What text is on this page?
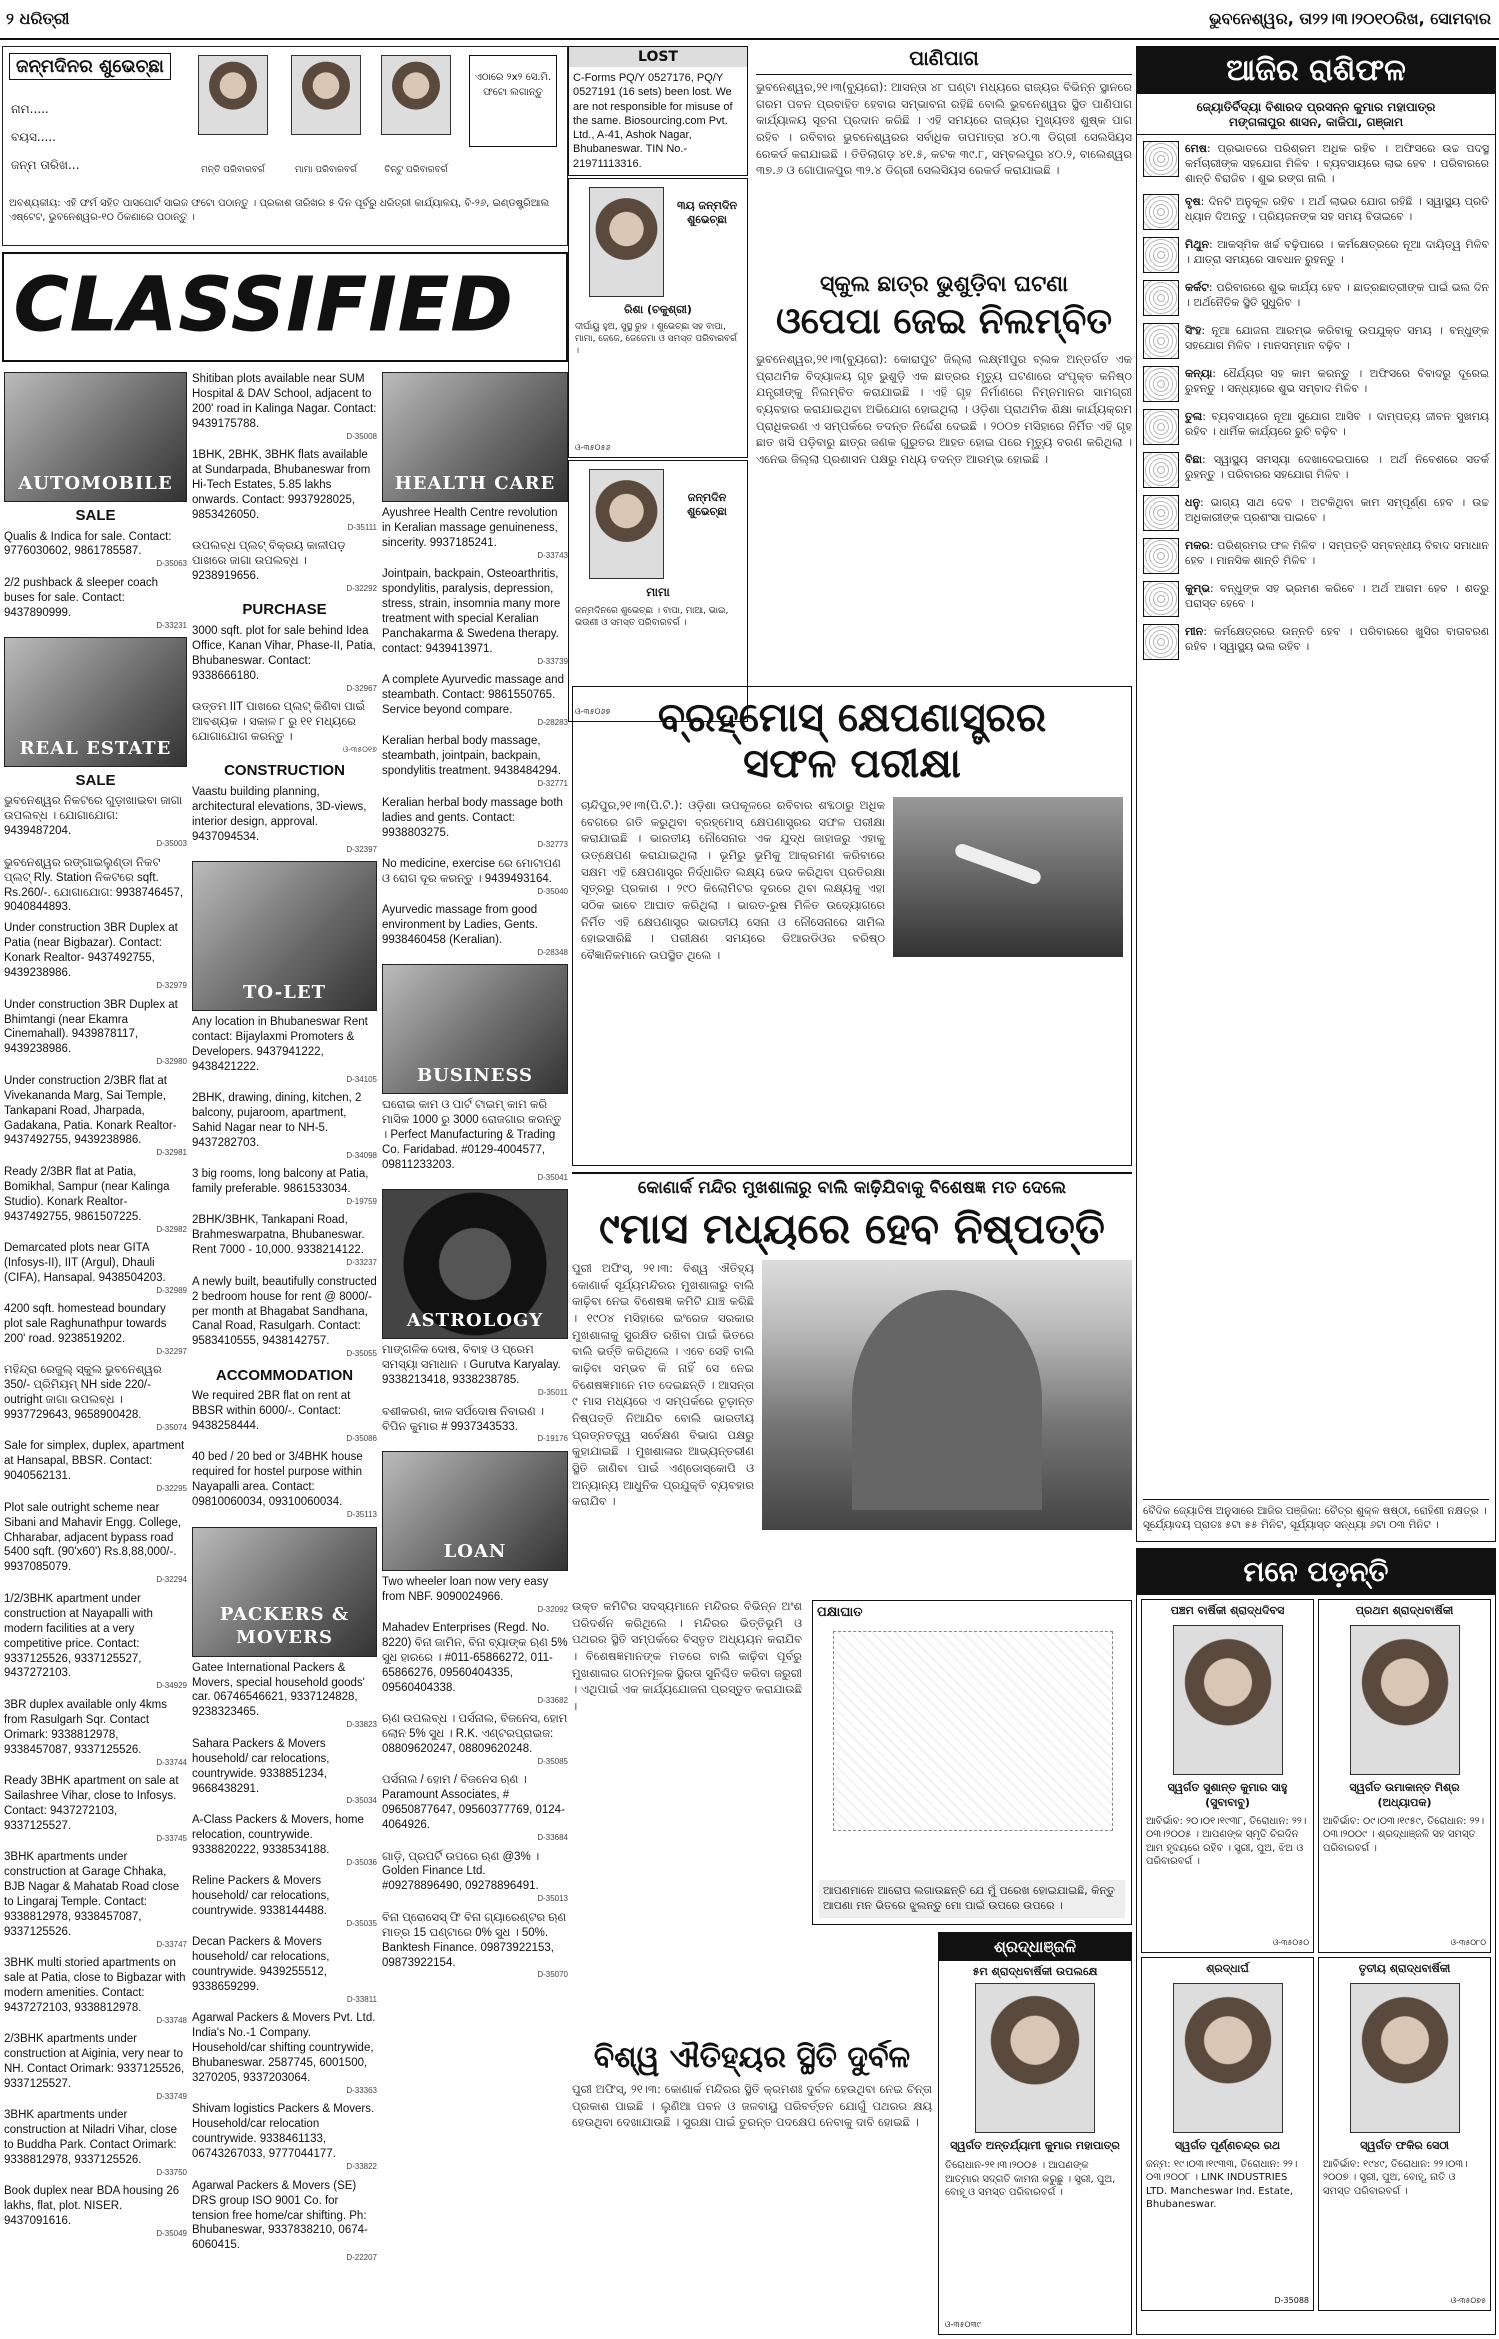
୨ ଧରିତ୍ରୀ	ଭୁବନେଶ୍ୱର, ତା୨୨।୩।୨୦୧୦ରିଖ, ସୋମବାର
ଜନ୍ମଦିନର ଶୁଭେଚ୍ଛା
ନାମ.....
ବୟସ.....
ଜନ୍ମ ତାରିଖ...	ମନ୍ତି ପରିବାରବର୍ଗ	ମାମା ପରିବାରବର୍ଗ	ଚିନ୍ଟୁ ପରିବାରବର୍ଗ
ଏଠାରେ ୨x୨ ସେ.ମି. ଫଟୋ ଲଗାନ୍ତୁ
ଅବଶ୍ୟକୀୟ: ଏହି ଫର୍ମ ସହିତ ପାସପୋର୍ଟ ସାଇଜ ଫଟୋ ପଠାନ୍ତୁ । ପ୍ରକାଶ ତାରିଖର ୫ ଦିନ ପୂର୍ବରୁ ଧରିତ୍ରୀ କାର୍ଯ୍ୟାଳୟ, ବି-୨୬, ଇଣ୍ଡଷ୍ଟ୍ରିଆଲ ଏଷ୍ଟେଟ, ଭୁବନେଶ୍ୱର-୧୦ ଠିକଣାରେ ପଠାନ୍ତୁ ।
CLASSIFIED
AUTOMOBILE
SALE

Qualis & Indica for sale. Contact: 9776030602, 9861785587.
D-35063

2/2 pushback & sleeper coach buses for sale. Contact: 9437890999.
D-33231

REAL ESTATE
SALE

ଭୁବନେଶ୍ୱର ନିକଟରେ ଗୁଡ଼ାଖାଇବା ଜାଗା ଉପଲବ୍ଧ । ଯୋଗାଯୋଗ: 9439487204.
D-35003

ଭୁବନେଶ୍ୱର ରଙ୍ଗାଇଲୁଣ୍ଡା ନିକଟ ପ୍ଲଟ୍ Rly. Station ନିକଟରେ sqft. Rs.260/-. ଯୋଗାଯୋଗ: 9938746457, 9040844893.

Under construction 3BR Duplex at Patia (near Bigbazar). Contact: Konark Realtor- 9437492755, 9439238986.
D-32979

Under construction 3BR Duplex at Bhimtangi (near Ekamra Cinemahall). 9439878117, 9439238986.
D-32980

Under construction 2/3BR flat at Vivekananda Marg, Sai Temple, Tankapani Road, Jharpada, Gadakana, Patia. Konark Realtor- 9437492755, 9439238986.
D-32981

Ready 2/3BR flat at Patia, Bomikhal, Sampur (near Kalinga Studio). Konark Realtor- 9437492755, 9861507225.
D-32982

Demarcated plots near GITA (Infosys-II), IIT (Argul), Dhauli (CIFA), Hansapal. 9438504203.
D-32989

4200 sqft. homestead boundary plot sale Raghunathpur towards 200' road. 9238519202.
D-32297

ମହିନ୍ଦ୍ରା ରେଜୁଲ୍ ସ୍କୁଲ ଭୁବନେଶ୍ୱର 350/- ପ୍ରିମିୟମ୍ NH side 220/- outright ଜାଗା ଉପଲବ୍ଧ । 9937729643, 9658900428.
D-35074

Sale for simplex, duplex, apartment at Hansapal, BBSR. Contact: 9040562131.
D-32295

Plot sale outright scheme near Sibani and Mahavir Engg. College, Chharabar, adjacent bypass road 5400 sqft. (90'x60') Rs.8,88,000/-. 9937085079.
D-32294

1/2/3BHK apartment under construction at Nayapalli with modern facilities at a very competitive price. Contact: 9337125526, 9337125527, 9437272103.
D-34929

3BR duplex available only 4kms from Rasulgarh Sqr. Contact Orimark: 9338812978, 9338457087, 9337125526.
D-33744

Ready 3BHK apartment on sale at Sailashree Vihar, close to Infosys. Contact: 9437272103, 9337125527.
D-33745

3BHK apartments under construction at Garage Chhaka, BJB Nagar & Mahatab Road close to Lingaraj Temple. Contact: 9338812978, 9338457087, 9337125526.
D-33747

3BHK multi storied apartments on sale at Patia, close to Bigbazar with modern amenities. Contact: 9437272103, 9338812978.
D-33748

2/3BHK apartments under construction at Aiginia, very near to NH. Contact Orimark: 9337125526, 9337125527.
D-33749

3BHK apartments under construction at Niladri Vihar, close to Buddha Park. Contact Orimark: 9338812978, 9337125526.
D-33750

Book duplex near BDA housing 26 lakhs, flat, plot. NISER. 9437091616.
D-35049

Shitiban plots available near SUM Hospital & DAV School, adjacent to 200' road in Kalinga Nagar. Contact: 9439175788.
D-35008

1BHK, 2BHK, 3BHK flats available at Sundarpada, Bhubaneswar from Hi-Tech Estates, 5.85 lakhs onwards. Contact: 9937928025, 9853426050.
D-35111

ଉପଲବ୍ଧ ପ୍ଲଟ୍ ବିକ୍ରୟ କାଳୀପଡ଼ ପାଖରେ ଜାଗା ଉପଲବ୍ଧ । 9238919656.
D-32292

PURCHASE

3000 sqft. plot for sale behind Idea Office, Kanan Vihar, Phase-II, Patia, Bhubaneswar. Contact: 9338666180.
D-32967

ଉତ୍ତମ IIT ପାଖରେ ପ୍ଲଟ୍ କିଣିବା ପାଇଁ ଆବଶ୍ୟକ । ସକାଳ ୮ ରୁ ୧୧ ମଧ୍ୟରେ ଯୋଗାଯୋଗ କରନ୍ତୁ ।
ଓ-୩୫୦୧୭

CONSTRUCTION

Vaastu building planning, architectural elevations, 3D-views, interior design, approval. 9437094534.
D-32397

TO-LET

Any location in Bhubaneswar Rent contact: Bijaylaxmi Promoters & Developers. 9437941222, 9438421222.
D-34105

2BHK, drawing, dining, kitchen, 2 balcony, pujaroom, apartment, Sahid Nagar near to NH-5. 9437282703.
D-34098

3 big rooms, long balcony at Patia, family preferable. 9861533034.
D-19759

2BHK/3BHK, Tankapani Road, Brahmeswarpatna, Bhubaneswar. Rent 7000 - 10,000. 9338214122.
D-33237

A newly built, beautifully constructed 2 bedroom house for rent @ 8000/- per month at Bhagabat Sandhana, Canal Road, Rasulgarh. Contact: 9583410555, 9438142757.
D-35055

ACCOMMODATION

We required 2BR flat on rent at BBSR within 6000/-. Contact: 9438258444.
D-35086

40 bed / 20 bed or 3/4BHK house required for hostel purpose within Nayapalli area. Contact: 09810060034, 09310060034.
D-35113

PACKERS & MOVERS

Gatee International Packers & Movers, special household goods' car. 06746546621, 9337124828, 9238323465.
D-33823

Sahara Packers & Movers household/ car relocations, countrywide. 9338851234, 9668438291.
D-35034

A-Class Packers & Movers, home relocation, countrywide. 9338820222, 9338534188.
D-35036

Reline Packers & Movers household/ car relocations, countrywide. 9338144488.
D-35035

Decan Packers & Movers household/ car relocations, countrywide. 9439255512, 9338659299.
D-33811

Agarwal Packers & Movers Pvt. Ltd. India's No.-1 Company. Household/car shifting countrywide, Bhubaneswar. 2587745, 6001500, 3270205, 9337203064.
D-33363

Shivam logistics Packers & Movers. Household/car relocation countrywide. 9338461133, 06743267033, 9777044177.
D-33822

Agarwal Packers & Movers (SE) DRS group ISO 9001 Co. for tension free home/car shifting. Ph: Bhubaneswar, 9337838210, 0674-6060415.
D-22207

HEALTH CARE

Ayushree Health Centre revolution in Keralian massage genuineness, sincerity. 9937185241.
D-33743

Jointpain, backpain, Osteoarthritis, spondylitis, paralysis, depression, stress, strain, insomnia many more treatment with special Keralian Panchakarma & Swedena therapy. contact: 9439413971.
D-33739

A complete Ayurvedic massage and steambath. Contact: 9861550765. Service beyond compare.
D-28283

Keralian herbal body massage, steambath, jointpain, backpain, spondylitis treatment. 9438484294.
D-32771

Keralian herbal body massage both ladies and gents. Contact: 9938803275.
D-32773

No medicine, exercise ରେ ମୋଟାପଣ ଓ ରୋଗ ଦୂର କରନ୍ତୁ । 9439493164.
D-35040

Ayurvedic massage from good environment by Ladies, Gents. 9938460458 (Keralian).
D-28348

BUSINESS

ଘରୋଇ କାମ ଓ ପାର୍ଟ ଟାଇମ୍ କାମ କରି ମାସିକ 1000 ରୁ 3000 ରୋଜଗାର କରନ୍ତୁ । Perfect Manufacturing & Trading Co. Faridabad. #0129-4004577, 09811233203.
D-35041

ASTROLOGY

ମାଙ୍ଗଳିକ ଦୋଷ, ବିବାହ ଓ ପ୍ରେମ ସମସ୍ୟା ସମାଧାନ । Gurutva Karyalay. 9338213418, 9338238785.
D-35011

ବଶୀକରଣ, କାଳ ସର୍ପଦୋଷ ନିବାରଣ । ବିପିନ କୁମାର # 9937343533.
D-19176

LOAN

Two wheeler loan now very easy from NBF. 9090024966.
D-32092

Mahadev Enterprises (Regd. No. 8220) ବିନା ଜାମିନ, ବିନା ବ୍ୟାଙ୍କ ଋଣ 5% ସୁଧ ହାରରେ । #011-65866272, 011-65866276, 09560404335, 09560404338.
D-33682

ଋଣ ଉପଲବ୍ଧ । ପର୍ସନାଲ, ବିଜନେସ, ହୋମ ଲୋନ 5% ସୁଧ । R.K. ଏଣ୍ଟରପ୍ରାଇଜ: 08809620247, 08809620248.
D-35085

ପର୍ସନାଲ / ହୋମ / ବିଜନେସ ଋଣ । Paramount Associates, # 09650877647, 09560377769, 0124-4064926.
D-33684

ଗାଡ଼ି, ପ୍ରପର୍ଟି ଉପରେ ଋଣ @3% । Golden Finance Ltd. #09278896490, 09278896491.
D-35013

ବିନା ପ୍ରୋସେସ୍ ଫି ବିନା ଗ୍ୟାରେଣ୍ଟର ଋଣ ମାତ୍ର 15 ଘଣ୍ଟାରେ 0% ସୁଧ । 50%. Banktesh Finance. 09873922153, 09873922154.
D-35070

LOST
C-Forms PQ/Y 0527176, PQ/Y 0527191 (16 sets) been lost. We are not responsible for misuse of the same. Biosourcing.com Pvt. Ltd., A-41, Ashok Nagar, Bhubaneswar. TIN No.- 21971113316.
୩ୟ ଜନ୍ମଦିନ ଶୁଭେଚ୍ଛା
ରିଶା (ଚକୁଶ୍ରୀ)
ଦୀର୍ଘାୟୁ ହୁଅ, ସୁସ୍ଥ ରୁହ । ଶୁଭେଚ୍ଛା ସହ ବାପା, ମାମା, ଜେଜେ, ଜେଜେମା ଓ ସମସ୍ତ ପରିବାରବର୍ଗ ।
ଓ-୩୫୦୫୬
ଜନ୍ମଦିନ ଶୁଭେଚ୍ଛା
ମାମା
ଜନ୍ମଦିନରେ ଶୁଭେଚ୍ଛା । ବାପା, ମାଆ, ଭାଇ, ଭଉଣୀ ଓ ସମସ୍ତ ପରିବାରବର୍ଗ ।
ଓ-୩୫୦୬୭
ପାଣିପାଗ
ଭୁବନେଶ୍ୱର,୨୧।୩(ବ୍ୟୁରୋ): ଆସନ୍ତା ୪୮ ଘଣ୍ଟା ମଧ୍ୟରେ ରାଜ୍ୟର ବିଭିନ୍ନ ସ୍ଥାନରେ ଗରମ ପବନ ପ୍ରବାହିତ ହେବାର ସମ୍ଭାବନା ରହିଛି ବୋଲି ଭୁବନେଶ୍ୱର ସ୍ଥିତ ପାଣିପାଗ କାର୍ଯ୍ୟାଳୟ ସୂଚନା ପ୍ରଦାନ କରିଛି । ଏହି ସମୟରେ ରାଜ୍ୟର ମୁଖ୍ୟତଃ ଶୁଷ୍କ ପାଗ ରହିବ । ରବିବାର ଭୁବନେଶ୍ୱରର ସର୍ବାଧିକ ତାପମାତ୍ରା ୪୦.୩ ଡିଗ୍ରୀ ସେଲସିୟସ ରେକର୍ଡ କରାଯାଇଛି । ତିତିଲାଗଡ଼ ୪୧.୫, କଟକ ୩୯.୮, ସମ୍ବଲପୁର ୪୦.୨, ବାଲେଶ୍ୱର ୩୭.୬ ଓ ଗୋପାଳପୁର ୩୨.୪ ଡିଗ୍ରୀ ସେଲସିୟସ ରେକର୍ଡ କରାଯାଇଛି ।
ସ୍କୁଲ ଛାତ୍ର ଭୁଶୁଡ଼ିବା ଘଟଣା
ଓପେପା ଜେଇ ନିଲମ୍ବିତ
ଭୁବନେଶ୍ୱର,୨୧।୩(ବ୍ୟୁରୋ): କୋରାପୁଟ ଜିଲ୍ଲା ଲକ୍ଷ୍ମୀପୁର ବ୍ଲକ ଅନ୍ତର୍ଗତ ଏକ ପ୍ରାଥମିକ ବିଦ୍ୟାଳୟ ଗୃହ ଭୁଶୁଡ଼ି ଏକ ଛାତ୍ରର ମୃତ୍ୟୁ ଘଟଣାରେ ସଂପୃକ୍ତ କନିଷ୍ଠ ଯନ୍ତ୍ରୀଙ୍କୁ ନିଲମ୍ବିତ କରାଯାଇଛି । ଏହି ଗୃହ ନିର୍ମାଣରେ ନିମ୍ନମାନର ସାମଗ୍ରୀ ବ୍ୟବହାର କରାଯାଇଥିବା ଅଭିଯୋଗ ହୋଇଥିଲା । ଓଡ଼ିଶା ପ୍ରାଥମିକ ଶିକ୍ଷା କାର୍ଯ୍ୟକ୍ରମ ପ୍ରାଧିକରଣ ଏ ସମ୍ପର୍କରେ ତଦନ୍ତ ନିର୍ଦ୍ଦେଶ ଦେଇଛି । ୨୦୦୭ ମସିହାରେ ନିର୍ମିତ ଏହି ଗୃହ ଛାତ ଖସି ପଡ଼ିବାରୁ ଛାତ୍ର ଜଣକ ଗୁରୁତର ଆହତ ହୋଇ ପରେ ମୃତ୍ୟୁ ବରଣ କରିଥିଲା । ଏନେଇ ଜିଲ୍ଲା ପ୍ରଶାସନ ପକ୍ଷରୁ ମଧ୍ୟ ତଦନ୍ତ ଆରମ୍ଭ ହୋଇଛି ।
ବ୍ରହ୍ମୋସ୍ କ୍ଷେପଣାସ୍ତ୍ରର
ସଫଳ ପରୀକ୍ଷା
ଚାନ୍ଦିପୁର,୨୧।୩(ପି.ଟି.): ଓଡ଼ିଶା ଉପକୂଳରେ ରବିବାର ଶବ୍ଦଠାରୁ ଅଧିକ ବେଗରେ ଗତି କରୁଥିବା ବ୍ରହ୍ମୋସ୍ କ୍ଷେପଣାସ୍ତ୍ରର ସଫଳ ପରୀକ୍ଷା କରାଯାଇଛି । ଭାରତୀୟ ନୌସେନାର ଏକ ଯୁଦ୍ଧ ଜାହାଜରୁ ଏହାକୁ ଉତ୍କ୍ଷେପଣ କରାଯାଇଥିଲା । ଭୂମିରୁ ଭୂମିକୁ ଆକ୍ରମଣ କରିବାରେ ସକ୍ଷମ ଏହି କ୍ଷେପଣାସ୍ତ୍ର ନିର୍ଦ୍ଧାରିତ ଲକ୍ଷ୍ୟ ଭେଦ କରିଥିବା ପ୍ରତିରକ୍ଷା ସୂତ୍ରରୁ ପ୍ରକାଶ । ୨୯୦ କିଲୋମିଟର ଦୂରରେ ଥିବା ଲକ୍ଷ୍ୟକୁ ଏହା ସଠିକ ଭାବେ ଆଘାତ କରିଥିଲା । ଭାରତ-ରୁଷ ମିଳିତ ଉଦ୍ୟୋଗରେ ନିର୍ମିତ ଏହି କ୍ଷେପଣାସ୍ତ୍ର ଭାରତୀୟ ସେନା ଓ ନୌସେନାରେ ସାମିଲ ହୋଇସାରିଛି । ପରୀକ୍ଷଣ ସମୟରେ ଡିଆରଡିଓର ବରିଷ୍ଠ ବୈଜ୍ଞାନିକମାନେ ଉପସ୍ଥିତ ଥିଲେ ।
କୋଣାର୍କ ମନ୍ଦିର ମୁଖଶାଳାରୁ ବାଲି କାଢ଼ିଯିବାକୁ ବିଶେଷଜ୍ଞ ମତ ଦେଲେ
୯ମାସ ମଧ୍ୟରେ ହେବ ନିଷ୍ପତ୍ତି
ପୁରୀ ଅଫିସ୍, ୨୧।୩: ବିଶ୍ୱ ଐତିହ୍ୟ କୋଣାର୍କ ସୂର୍ଯ୍ୟମନ୍ଦିରର ମୁଖଶାଳାରୁ ବାଲି କାଢ଼ିବା ନେଇ ବିଶେଷଜ୍ଞ କମିଟି ଯାଞ୍ଚ କରିଛି । ୧୯୦୪ ମସିହାରେ ଇଂରେଜ ସରକାର ମୁଖଶାଳାକୁ ସୁରକ୍ଷିତ ରଖିବା ପାଇଁ ଭିତରେ ବାଲି ଭର୍ତ୍ତି କରିଥିଲେ । ଏବେ ସେହି ବାଲି କାଢ଼ିବା ସମ୍ଭବ କି ନାହିଁ ସେ ନେଇ ବିଶେଷଜ୍ଞମାନେ ମତ ଦେଇଛନ୍ତି । ଆସନ୍ତା ୯ ମାସ ମଧ୍ୟରେ ଏ ସମ୍ପର୍କରେ ଚୂଡ଼ାନ୍ତ ନିଷ୍ପତ୍ତି ନିଆଯିବ ବୋଲି ଭାରତୀୟ ପ୍ରତ୍ନତତ୍ତ୍ୱ ସର୍ବେକ୍ଷଣ ବିଭାଗ ପକ୍ଷରୁ କୁହାଯାଇଛି । ମୁଖଶାଳାର ଆଭ୍ୟନ୍ତରୀଣ ସ୍ଥିତି ଜାଣିବା ପାଇଁ ଏଣ୍ଡୋସ୍କୋପି ଓ ଅନ୍ୟାନ୍ୟ ଆଧୁନିକ ପ୍ରଯୁକ୍ତି ବ୍ୟବହାର କରାଯିବ ।
ଉକ୍ତ କମିଟିର ସଦସ୍ୟମାନେ ମନ୍ଦିରର ବିଭିନ୍ନ ଅଂଶ ପରିଦର୍ଶନ କରିଥିଲେ । ମନ୍ଦିରର ଭିତ୍ତିଭୂମି ଓ ପଥରର ସ୍ଥିତି ସମ୍ପର୍କରେ ବିସ୍ତୃତ ଅଧ୍ୟୟନ କରାଯିବ । ବିଶେଷଜ୍ଞମାନଙ୍କ ମତରେ ବାଲି କାଢ଼ିବା ପୂର୍ବରୁ ମୁଖଶାଳାର ଗଠନମୂଳକ ସ୍ଥିରତା ସୁନିଶ୍ଚିତ କରିବା ଜରୁରୀ । ଏଥିପାଇଁ ଏକ କାର୍ଯ୍ୟଯୋଜନା ପ୍ରସ୍ତୁତ କରାଯାଉଛି ।
ପକ୍ଷାଘାତ
ଆପଣମାନେ ଆରୋପ ଲଗାଉଛନ୍ତି ଯେ ମୁଁ ପରେଖ ହୋଇଯାଇଛି, କିନ୍ତୁ ଆପଣା ମନ ଭିତରେ ଝୁଲନ୍ତୁ ମୋ ପାଇଁ ଉପରେ ଉପରେ ।
ବିଶ୍ୱ ଐତିହ୍ୟର ସ୍ଥିତି ଦୁର୍ବଳ
ପୁରୀ ଅଫିସ୍, ୨୧।୩: କୋଣାର୍କ ମନ୍ଦିରର ସ୍ଥିତି କ୍ରମଶଃ ଦୁର୍ବଳ ହେଉଥିବା ନେଇ ଚିନ୍ତା ପ୍ରକାଶ ପାଇଛି । ଲୁଣିଆ ପବନ ଓ ଜଳବାୟୁ ପରିବର୍ତ୍ତନ ଯୋଗୁଁ ପଥରର କ୍ଷୟ ହେଉଥିବା ଦେଖାଯାଉଛି । ସୁରକ୍ଷା ପାଇଁ ତୁରନ୍ତ ପଦକ୍ଷେପ ନେବାକୁ ଦାବି ହୋଇଛି ।
ଶ୍ରଦ୍ଧାଞ୍ଜଳି
୫ମ ଶ୍ରାଦ୍ଧବାର୍ଷିକୀ ଉପଲକ୍ଷେ
ସ୍ୱର୍ଗତ ଅନ୍ତର୍ଯ୍ୟାମୀ କୁମାର ମହାପାତ୍ର
ତିରୋଧାନ-୨୧।୩।୨୦୦୫ । ଆପଣଙ୍କ ଆତ୍ମାର ସଦ୍‌ଗତି କାମନା କରୁଛୁ । ସ୍ତ୍ରୀ, ପୁଅ, ବୋହୂ ଓ ସମସ୍ତ ପରିବାରବର୍ଗ ।
ଓ-୩୫୦୩୯
ଆଜିର ରାଶିଫଳ
ଜ୍ୟୋତିର୍ବିଦ୍ୟା ବିଶାରଦ ପ୍ରସନ୍ନ କୁମାର ମହାପାତ୍ର
ମଙ୍ଗଳାପୁର ଶାସନ, କାଜିପା, ଗଞ୍ଜାମ
ମେଷ: ପ୍ରଭାତରେ ପରିଶ୍ରମ ଅଧିକ ରହିବ । ଅଫିସରେ ଉଚ୍ଚ ପଦସ୍ଥ କର୍ମଚାରୀଙ୍କ ସହଯୋଗ ମିଳିବ । ବ୍ୟବସାୟରେ ଲାଭ ହେବ । ପରିବାରରେ ଶାନ୍ତି ବିରାଜିବ । ଶୁଭ ରଙ୍ଗ ନାଲି ।
ବୃଷ: ଦିନଟି ଅନୁକୂଳ ରହିବ । ଅର୍ଥ ଲାଭର ଯୋଗ ରହିଛି । ସ୍ୱାସ୍ଥ୍ୟ ପ୍ରତି ଧ୍ୟାନ ଦିଅନ୍ତୁ । ପ୍ରିୟଜନଙ୍କ ସହ ସମୟ ବିତାଇବେ ।
ମିଥୁନ: ଆକସ୍ମିକ ଖର୍ଚ୍ଚ ବଢ଼ିପାରେ । କର୍ମକ୍ଷେତ୍ରରେ ନୂଆ ଦାୟିତ୍ୱ ମିଳିବ । ଯାତ୍ରା ସମୟରେ ସାବଧାନ ରୁହନ୍ତୁ ।
କର୍କଟ: ପରିବାରରେ ଶୁଭ କାର୍ଯ୍ୟ ହେବ । ଛାତ୍ରଛାତ୍ରୀଙ୍କ ପାଇଁ ଭଲ ଦିନ । ଅର୍ଥନୈତିକ ସ୍ଥିତି ସୁଧୁରିବ ।
ସିଂହ: ନୂଆ ଯୋଜନା ଆରମ୍ଭ କରିବାକୁ ଉପଯୁକ୍ତ ସମୟ । ବନ୍ଧୁଙ୍କ ସହଯୋଗ ମିଳିବ । ମାନସମ୍ମାନ ବଢ଼ିବ ।
କନ୍ୟା: ଧୈର୍ଯ୍ୟର ସହ କାମ କରନ୍ତୁ । ଅଫିସରେ ବିବାଦରୁ ଦୂରେଇ ରୁହନ୍ତୁ । ସନ୍ଧ୍ୟାରେ ଶୁଭ ସମ୍ବାଦ ମିଳିବ ।
ତୁଳା: ବ୍ୟବସାୟରେ ନୂଆ ସୁଯୋଗ ଆସିବ । ଦାମ୍ପତ୍ୟ ଜୀବନ ସୁଖମୟ ରହିବ । ଧାର୍ମିକ କାର୍ଯ୍ୟରେ ରୁଚି ବଢ଼ିବ ।
ବିଛା: ସ୍ୱାସ୍ଥ୍ୟ ସମସ୍ୟା ଦେଖାଦେଇପାରେ । ଅର୍ଥ ନିବେଶରେ ସତର୍କ ରୁହନ୍ତୁ । ପରିବାରର ସହଯୋଗ ମିଳିବ ।
ଧନୁ: ଭାଗ୍ୟ ସାଥ ଦେବ । ଅଟକିଥିବା କାମ ସମ୍ପୂର୍ଣ୍ଣ ହେବ । ଉଚ୍ଚ ଅଧିକାରୀଙ୍କ ପ୍ରଶଂସା ପାଇବେ ।
ମକର: ପରିଶ୍ରମର ଫଳ ମିଳିବ । ସମ୍ପତ୍ତି ସମ୍ବନ୍ଧୀୟ ବିବାଦ ସମାଧାନ ହେବ । ମାନସିକ ଶାନ୍ତି ମିଳିବ ।
କୁମ୍ଭ: ବନ୍ଧୁଙ୍କ ସହ ଭ୍ରମଣ କରିବେ । ଅର୍ଥ ଆଗମ ହେବ । ଶତ୍ରୁ ପରାସ୍ତ ହେବେ ।
ମୀନ: କର୍ମକ୍ଷେତ୍ରରେ ଉନ୍ନତି ହେବ । ପରିବାରରେ ଖୁସିର ବାତାବରଣ ରହିବ । ସ୍ୱାସ୍ଥ୍ୟ ଭଲ ରହିବ ।
ବୈଦିକ ଜ୍ୟୋତିଷ ଅନୁସାରେ ଆଜିର ପଞ୍ଜିକା: ଚୈତ୍ର ଶୁକ୍ଳ ଷଷ୍ଠୀ, ରୋହିଣୀ ନକ୍ଷତ୍ର । ସୂର୍ଯ୍ୟୋଦୟ ପ୍ରାତଃ ୫ଟା ୫୫ ମିନିଟ, ସୂର୍ଯ୍ୟାସ୍ତ ସନ୍ଧ୍ୟା ୬ଟା ୦୩ ମିନିଟ ।
ମନେ ପଡ଼ନ୍ତି
ପଞ୍ଚମ ବାର୍ଷିକୀ ଶ୍ରାଦ୍ଧଦିବସ
ସ୍ୱର୍ଗତ ସୁଶାନ୍ତ କୁମାର ସାହୁ (ସୁବାବାବୁ)
ଆବିର୍ଭାବ: ୨୦।୦୧।୧୯୩୮, ତିରୋଧାନ: ୨୨।୦୩।୨୦୦୫ । ଆପଣଙ୍କ ସ୍ମୃତି ଚିରଦିନ ଆମ ହୃଦୟରେ ରହିବ । ସ୍ତ୍ରୀ, ପୁଅ, ଝିଅ ଓ ପରିବାରବର୍ଗ ।
ଓ-୩୫୦୫୦
ପ୍ରଥମ ଶ୍ରାଦ୍ଧବାର୍ଷିକୀ
ସ୍ୱର୍ଗତ ଉମାକାନ୍ତ ମିଶ୍ର (ଅଧ୍ୟାପକ)
ଆବିର୍ଭାବ: ୦୯।୦୩।୧୯୫୯, ତିରୋଧାନ: ୨୨।୦୩।୨୦୦୯ । ଶ୍ରଦ୍ଧାଞ୍ଜଳି ସହ ସମସ୍ତ ପରିବାରବର୍ଗ ।
ଓ-୩୫୦୮୦
ଶ୍ରଦ୍ଧାର୍ଘ
ସ୍ୱର୍ଗତ ପୂର୍ଣ୍ଣଚନ୍ଦ୍ର ରଥ
ଜନ୍ମ: ୧୯।୦୩।୧୯୩୩, ତିରୋଧାନ: ୨୨।୦୩।୨୦୦୮ । LINK INDUSTRIES LTD. Mancheswar Ind. Estate, Bhubaneswar.
D-35088
ତୃତୀୟ ଶ୍ରାଦ୍ଧବାର୍ଷିକୀ
ସ୍ୱର୍ଗତ ଫକିର ସେଠୀ
ଆବିର୍ଭାବ: ୧୯୪୯, ତିରୋଧାନ: ୨୨।୦୩।୨୦୦୭ । ସ୍ତ୍ରୀ, ପୁଅ, ବୋହୂ, ନାତି ଓ ସମସ୍ତ ପରିବାରବର୍ଗ ।
ଓ-୩୫୦୭୫
